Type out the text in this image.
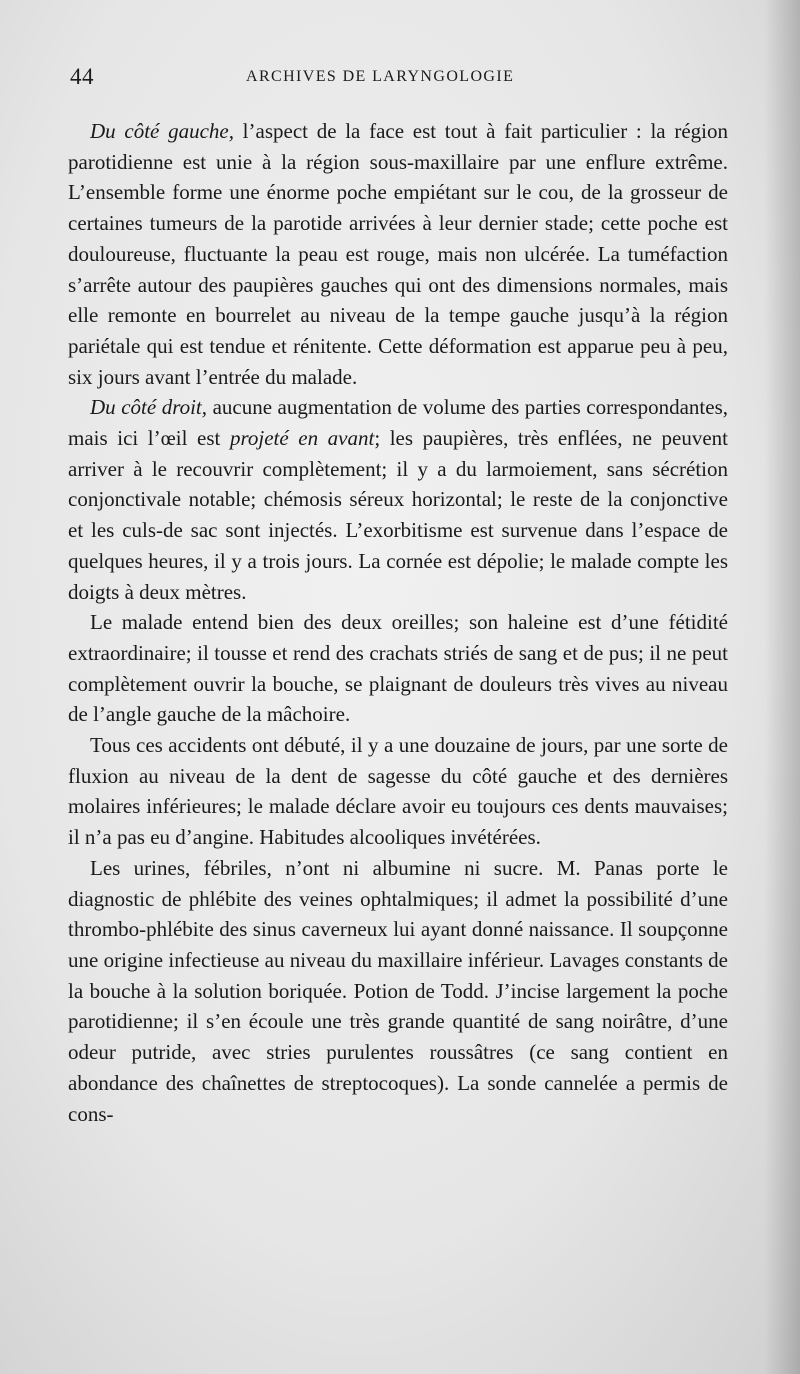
44	ARCHIVES DE LARYNGOLOGIE

Du côté gauche, l’aspect de la face est tout à fait particulier : la région parotidienne est unie à la région sous-maxillaire par une enflure extrême. L’ensemble forme une énorme poche empiétant sur le cou, de la grosseur de certaines tumeurs de la parotide arrivées à leur dernier stade; cette poche est douloureuse, fluctuante la peau est rouge, mais non ulcérée. La tuméfaction s’arrête autour des paupières gauches qui ont des dimensions normales, mais elle remonte en bourrelet au niveau de la tempe gauche jusqu’à la région pariétale qui est tendue et rénitente. Cette déformation est apparue peu à peu, six jours avant l’entrée du malade.

Du côté droit, aucune augmentation de volume des parties correspondantes, mais ici l’œil est projeté en avant; les paupières, très enflées, ne peuvent arriver à le recouvrir complètement; il y a du larmoiement, sans sécrétion conjonctivale notable; chémosis séreux horizontal; le reste de la conjonctive et les culs-de sac sont injectés. L’exorbitisme est survenue dans l’espace de quelques heures, il y a trois jours. La cornée est dépolie; le malade compte les doigts à deux mètres.

Le malade entend bien des deux oreilles; son haleine est d’une fétidité extraordinaire; il tousse et rend des crachats striés de sang et de pus; il ne peut complètement ouvrir la bouche, se plaignant de douleurs très vives au niveau de l’angle gauche de la mâchoire.

Tous ces accidents ont débuté, il y a une douzaine de jours, par une sorte de fluxion au niveau de la dent de sagesse du côté gauche et des dernières molaires inférieures; le malade déclare avoir eu toujours ces dents mauvaises; il n’a pas eu d’angine. Habitudes alcooliques invétérées.

Les urines, fébriles, n’ont ni albumine ni sucre. M. Panas porte le diagnostic de phlébite des veines ophtalmiques; il admet la possibilité d’une thrombo-phlébite des sinus caverneux lui ayant donné naissance. Il soupçonne une origine infectieuse au niveau du maxillaire inférieur. Lavages constants de la bouche à la solution boriquée. Potion de Todd. J’incise largement la poche parotidienne; il s’en écoule une très grande quantité de sang noirâtre, d’une odeur putride, avec stries purulentes roussâtres (ce sang contient en abondance des chaînettes de streptocoques). La sonde cannelée a permis de cons-
